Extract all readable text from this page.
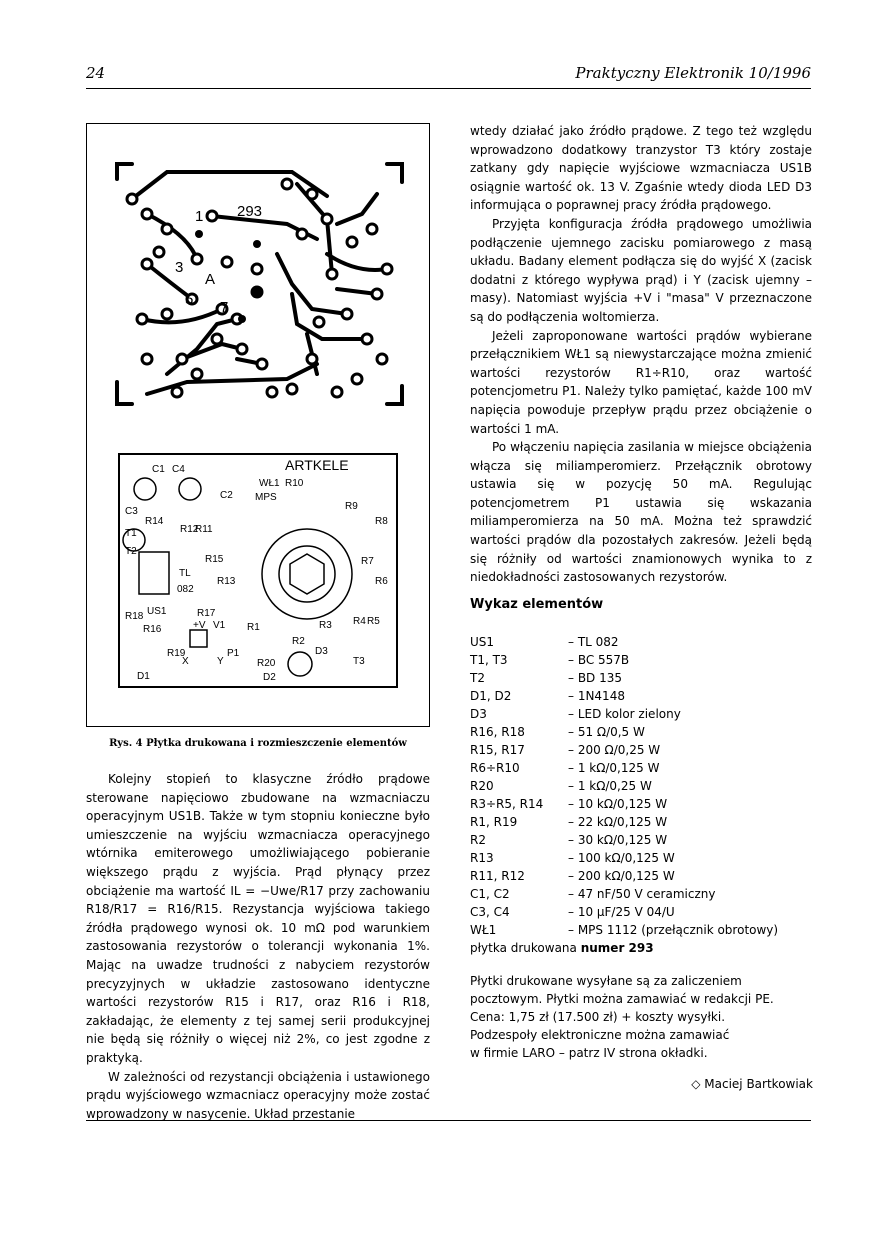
24	Praktyczny Elektronik 10/1996
293
1
3
A
5 7
C1 C4	ARTKELE
WŁ1 R10
C2 MPS
R9
C3
R14
R12
R11
R8
T1
T2
R15	R7
TL
082
R13	R6
R18 US1	R17
R4 R5
R16	+V V1 R1	R3
R2
R19
X	Y
P1
R20
D3
T3
D1	D2
Rys. 4 Płytka drukowana i rozmieszczenie elementów

Kolejny stopień to klasyczne źródło prądowe sterowane napięciowo zbudowane na wzmacniaczu operacyjnym US1B. Także w tym stopniu konieczne było umieszczenie na wyjściu wzmacniacza operacyjnego wtórnika emiterowego umożliwiającego pobieranie większego prądu z wyjścia. Prąd płynący przez obciążenie ma wartość IL = −Uwe/R17 przy zachowaniu R18/R17 = R16/R15. Rezystancja wyjściowa takiego źródła prądowego wynosi ok. 10 mΩ pod warunkiem zastosowania rezystorów o tolerancji wykonania 1%. Mając na uwadze trudności z nabyciem rezystorów precyzyjnych w układzie zastosowano identyczne wartości rezystorów R15 i R17, oraz R16 i R18, zakładając, że elementy z tej samej serii produkcyjnej nie będą się różniły o więcej niż 2%, co jest zgodne z praktyką.

W zależności od rezystancji obciążenia i ustawionego prądu wyjściowego wzmacniacz operacyjny może zostać wprowadzony w nasycenie. Układ przestanie

wtedy działać jako źródło prądowe. Z tego też względu wprowadzono dodatkowy tranzystor T3 który zostaje zatkany gdy napięcie wyjściowe wzmacniacza US1B osiągnie wartość ok. 13 V. Zgaśnie wtedy dioda LED D3 informująca o poprawnej pracy źródła prądowego.

Przyjęta konfiguracja źródła prądowego umożliwia podłączenie ujemnego zacisku pomiarowego z masą układu. Badany element podłącza się do wyjść X (zacisk dodatni z którego wypływa prąd) i Y (zacisk ujemny – masy). Natomiast wyjścia +V i "masa" V przeznaczone są do podłączenia woltomierza.

Jeżeli zaproponowane wartości prądów wybierane przełącznikiem WŁ1 są niewystarczające można zmienić wartości rezystorów R1÷R10, oraz wartość potencjometru P1. Należy tylko pamiętać, każde 100 mV napięcia powoduje przepływ prądu przez obciążenie o wartości 1 mA.

Po włączeniu napięcia zasilania w miejsce obciążenia włącza się miliamperomierz. Przełącznik obrotowy ustawia się w pozycję 50 mA. Regulując potencjometrem P1 ustawia się wskazania miliamperomierza na 50 mA. Można też sprawdzić wartości prądów dla pozostałych zakresów. Jeżeli będą się różniły od wartości znamionowych wynika to z niedokładności zastosowanych rezystorów.

Wykaz elementów
US1	– TL 082
T1, T3	– BC 557B
T2	– BD 135
D1, D2	– 1N4148
D3	– LED kolor zielony
R16, R18	– 51 Ω/0,5 W
R15, R17	– 200 Ω/0,25 W
R6÷R10	– 1 kΩ/0,125 W
R20	– 1 kΩ/0,25 W
R3÷R5, R14	– 10 kΩ/0,125 W
R1, R19	– 22 kΩ/0,125 W
R2	– 30 kΩ/0,125 W
R13	– 100 kΩ/0,125 W
R11, R12	– 200 kΩ/0,125 W
C1, C2	– 47 nF/50 V ceramiczny
C3, C4	– 10 µF/25 V 04/U
WŁ1	– MPS 1112 (przełącznik obrotowy)
płytka drukowana numer 293
Płytki drukowane wysyłane są za zaliczeniem
pocztowym. Płytki można zamawiać w redakcji PE.
Cena: 1,75 zł (17.500 zł) + koszty wysyłki.
Podzespoły elektroniczne można zamawiać
w firmie LARO – patrz IV strona okładki.
◇ Maciej Bartkowiak
